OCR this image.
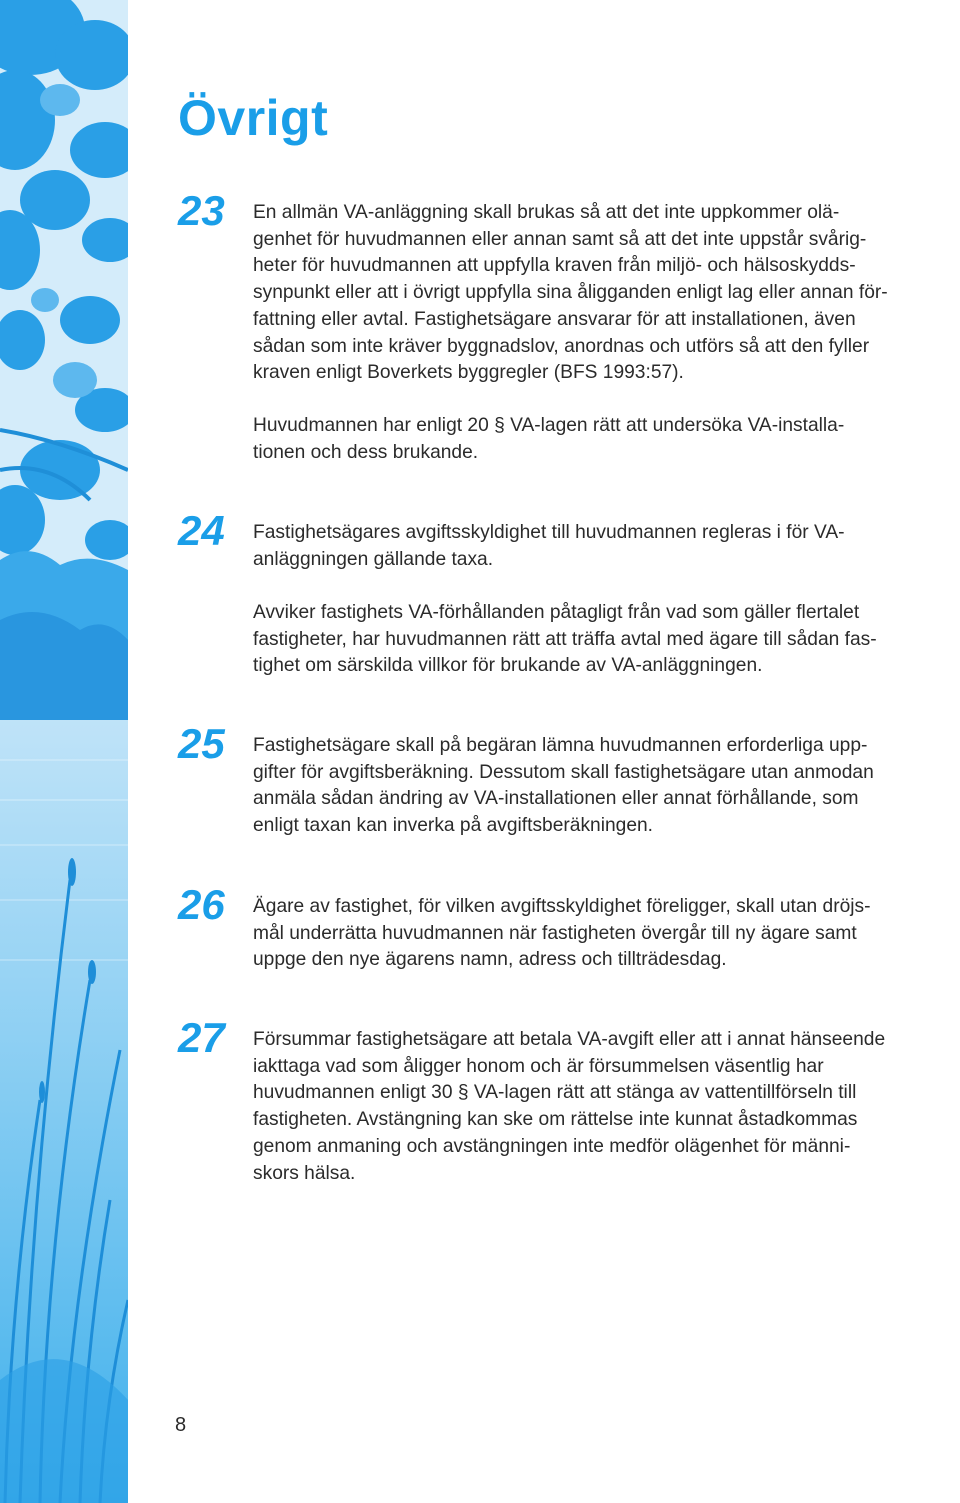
Övrigt
23 En allmän VA-anläggning skall brukas så att det inte uppkommer olä-
genhet för huvudmannen eller annan samt så att det inte uppstår svårig-
heter för huvudmannen att uppfylla kraven från miljö- och hälsoskydds-
synpunkt eller att i övrigt uppfylla sina åligganden enligt lag eller annan för-
fattning eller avtal. Fastighetsägare ansvarar för att installationen, även
sådan som inte kräver byggnadslov, anordnas och utförs så att den fyller
kraven enligt Boverkets byggregler (BFS 1993:57).

Huvudmannen har enligt 20 § VA-lagen rätt att undersöka VA-installa-
tionen och dess brukande.

24 Fastighetsägares avgiftsskyldighet till huvudmannen regleras i för VA-
anläggningen gällande taxa.

Avviker fastighets VA-förhållanden påtagligt från vad som gäller flertalet
fastigheter, har huvudmannen rätt att träffa avtal med ägare till sådan fas-
tighet om särskilda villkor för brukande av VA-anläggningen.

25 Fastighetsägare skall på begäran lämna huvudmannen erforderliga upp-
gifter för avgiftsberäkning. Dessutom skall fastighetsägare utan anmodan
anmäla sådan ändring av VA-installationen eller annat förhållande, som
enligt taxan kan inverka på avgiftsberäkningen.

26 Ägare av fastighet, för vilken avgiftsskyldighet föreligger, skall utan dröjs-
mål underrätta huvudmannen när fastigheten övergår till ny ägare samt
uppge den nye ägarens namn, adress och tillträdesdag.

27 Försummar fastighetsägare att betala VA-avgift eller att i annat hänseende
iakttaga vad som åligger honom och är försummelsen väsentlig har
huvudmannen enligt 30 § VA-lagen rätt att stänga av vattentillförseln till
fastigheten. Avstängning kan ske om rättelse inte kunnat åstadkommas
genom anmaning och avstängningen inte medför olägenhet för männi-
skors hälsa.

8
